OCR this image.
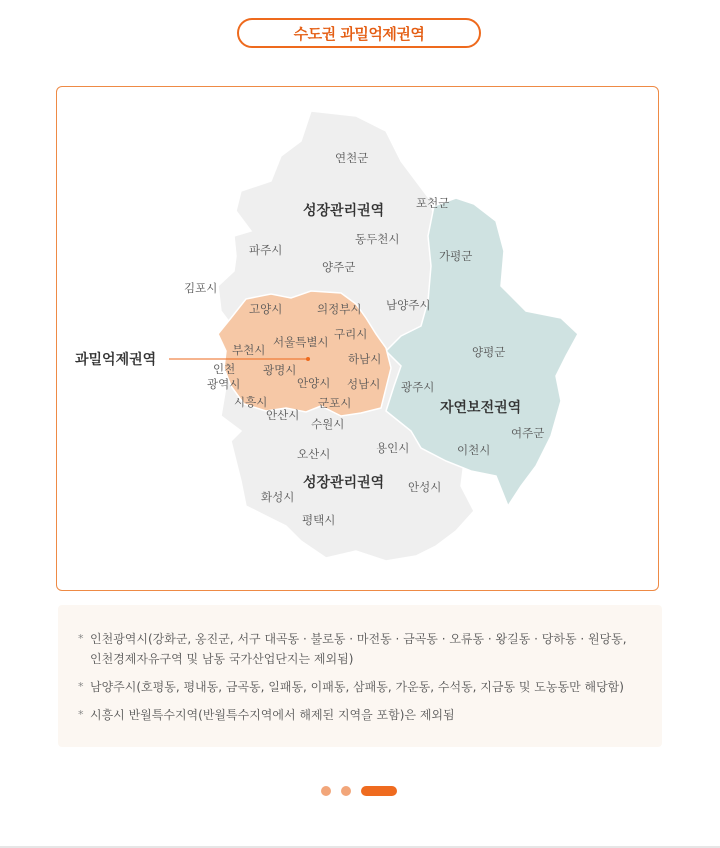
수도권 과밀억제권역
성장관리권역
성장관리권역
자연보전권역
과밀억제권역
연천군
포천군
동두천시
파주시
양주군
가평군
김포시
고양시	의정부시 남양주시
구리시
서울특별시
부천시
하남시	양평군
인천
광역시
광명시
안양시 성남시 광주시
시흥시	군포시
안산시
수원시
여주군
용인시	이천시
오산시
안성시
화성시
평택시
* 인천광역시(강화군, 옹진군, 서구 대곡동 · 불로동 · 마전동 · 금곡동 · 오류동 · 왕길동 · 당하동 · 원당동,
인천경제자유구역 및 남동 국가산업단지는 제외됨)
* 남양주시(호평동, 평내동, 금곡동, 일패동, 이패동, 삼패동, 가운동, 수석동, 지금동 및 도농동만 해당함)
* 시흥시 반월특수지역(반월특수지역에서 해제된 지역을 포함)은 제외됨
